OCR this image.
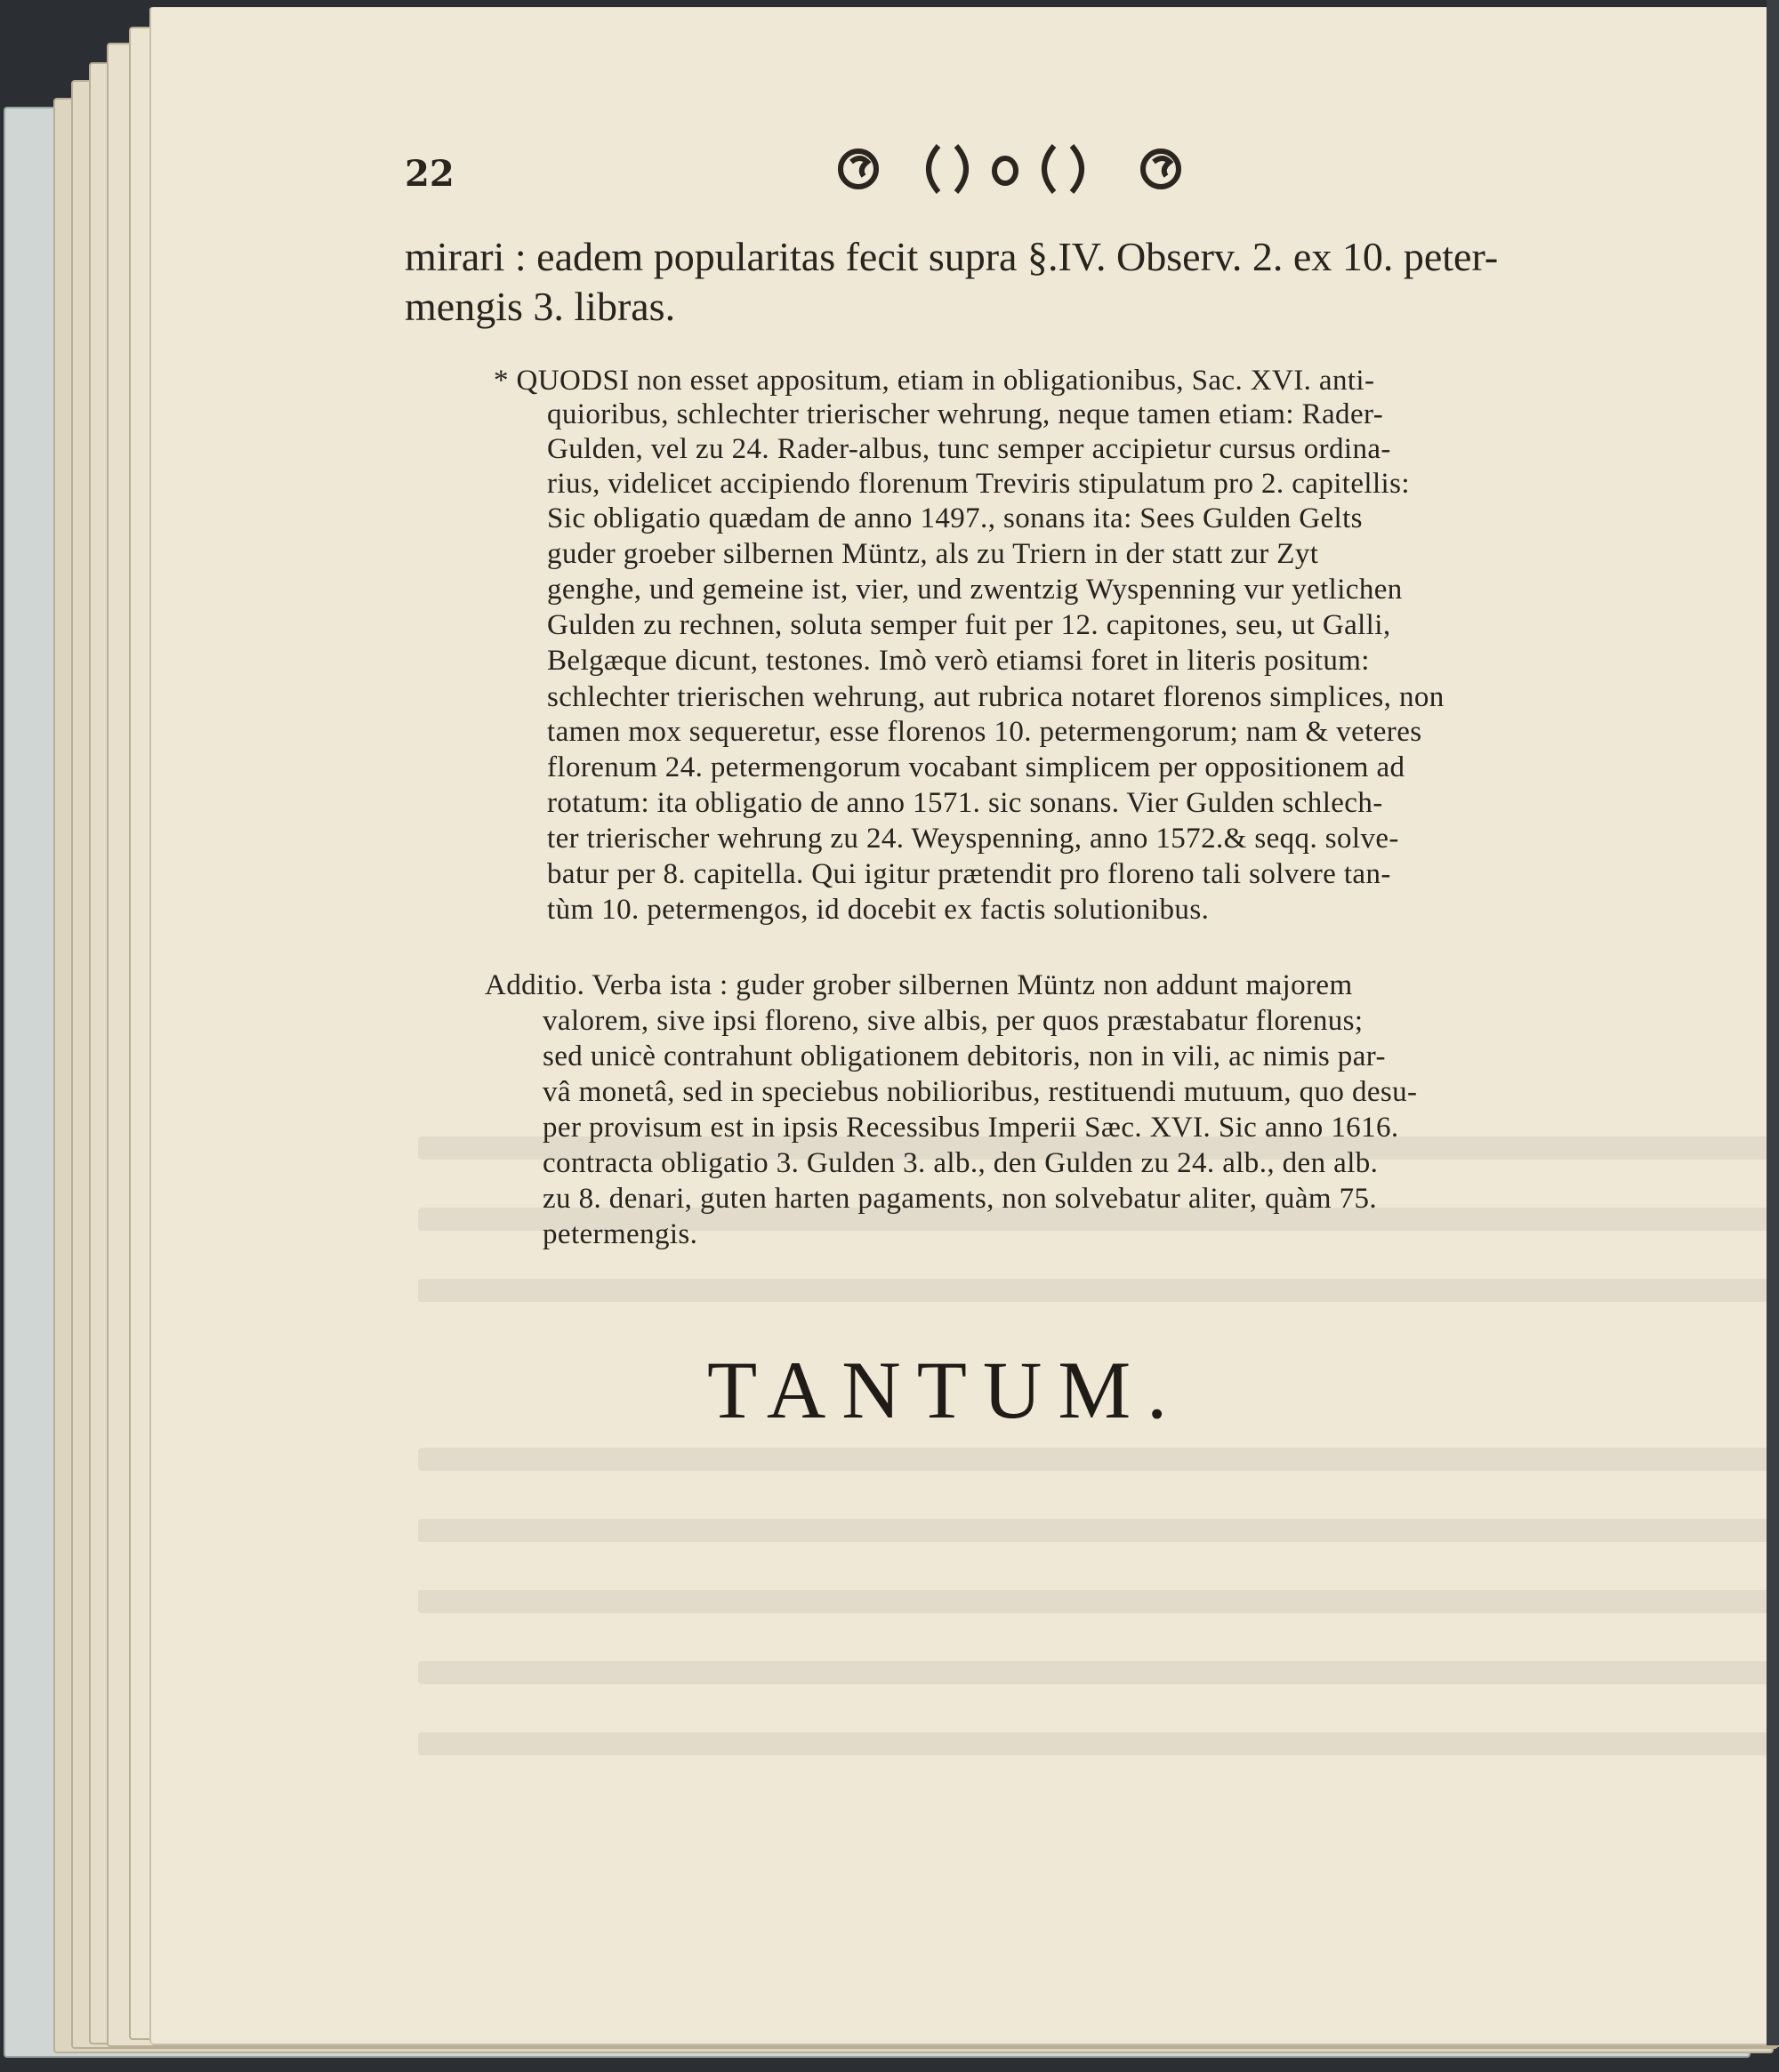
22
mirari : eadem popularitas fecit supra §.IV. Observ. 2. ex 10. peter-
mengis 3. libras.
* QUODSI non esset appositum, etiam in obligationibus, Sac. XVI. anti-
quioribus, schlechter trierischer wehrung, neque tamen etiam: Rader-
Gulden, vel zu 24. Rader-albus, tunc semper accipietur cursus ordina-
rius, videlicet accipiendo florenum Treviris stipulatum pro 2. capitellis:
Sic obligatio quædam de anno 1497., sonans ita: Sees Gulden Gelts
guder groeber silbernen Müntz, als zu Triern in der statt zur Zyt
genghe, und gemeine ist, vier, und zwentzig Wyspenning vur yetlichen
Gulden zu rechnen, soluta semper fuit per 12. capitones, seu, ut Galli,
Belgæque dicunt, testones. Imò verò etiamsi foret in literis positum:
schlechter trierischen wehrung, aut rubrica notaret florenos simplices, non
tamen mox sequeretur, esse florenos 10. petermengorum; nam & veteres
florenum 24. petermengorum vocabant simplicem per oppositionem ad
rotatum: ita obligatio de anno 1571. sic sonans. Vier Gulden schlech-
ter trierischer wehrung zu 24. Weyspenning, anno 1572.& seqq. solve-
batur per 8. capitella. Qui igitur prætendit pro floreno tali solvere tan-
tùm 10. petermengos, id docebit ex factis solutionibus.
Additio. Verba ista : guder grober silbernen Müntz non addunt majorem
valorem, sive ipsi floreno, sive albis, per quos præstabatur florenus;
sed unicè contrahunt obligationem debitoris, non in vili, ac nimis par-
vâ monetâ, sed in speciebus nobilioribus, restituendi mutuum, quo desu-
per provisum est in ipsis Recessibus Imperii Sæc. XVI. Sic anno 1616.
contracta obligatio 3. Gulden 3. alb., den Gulden zu 24. alb., den alb.
zu 8. denari, guten harten pagaments, non solvebatur aliter, quàm 75.
petermengis.
TANTUM.
